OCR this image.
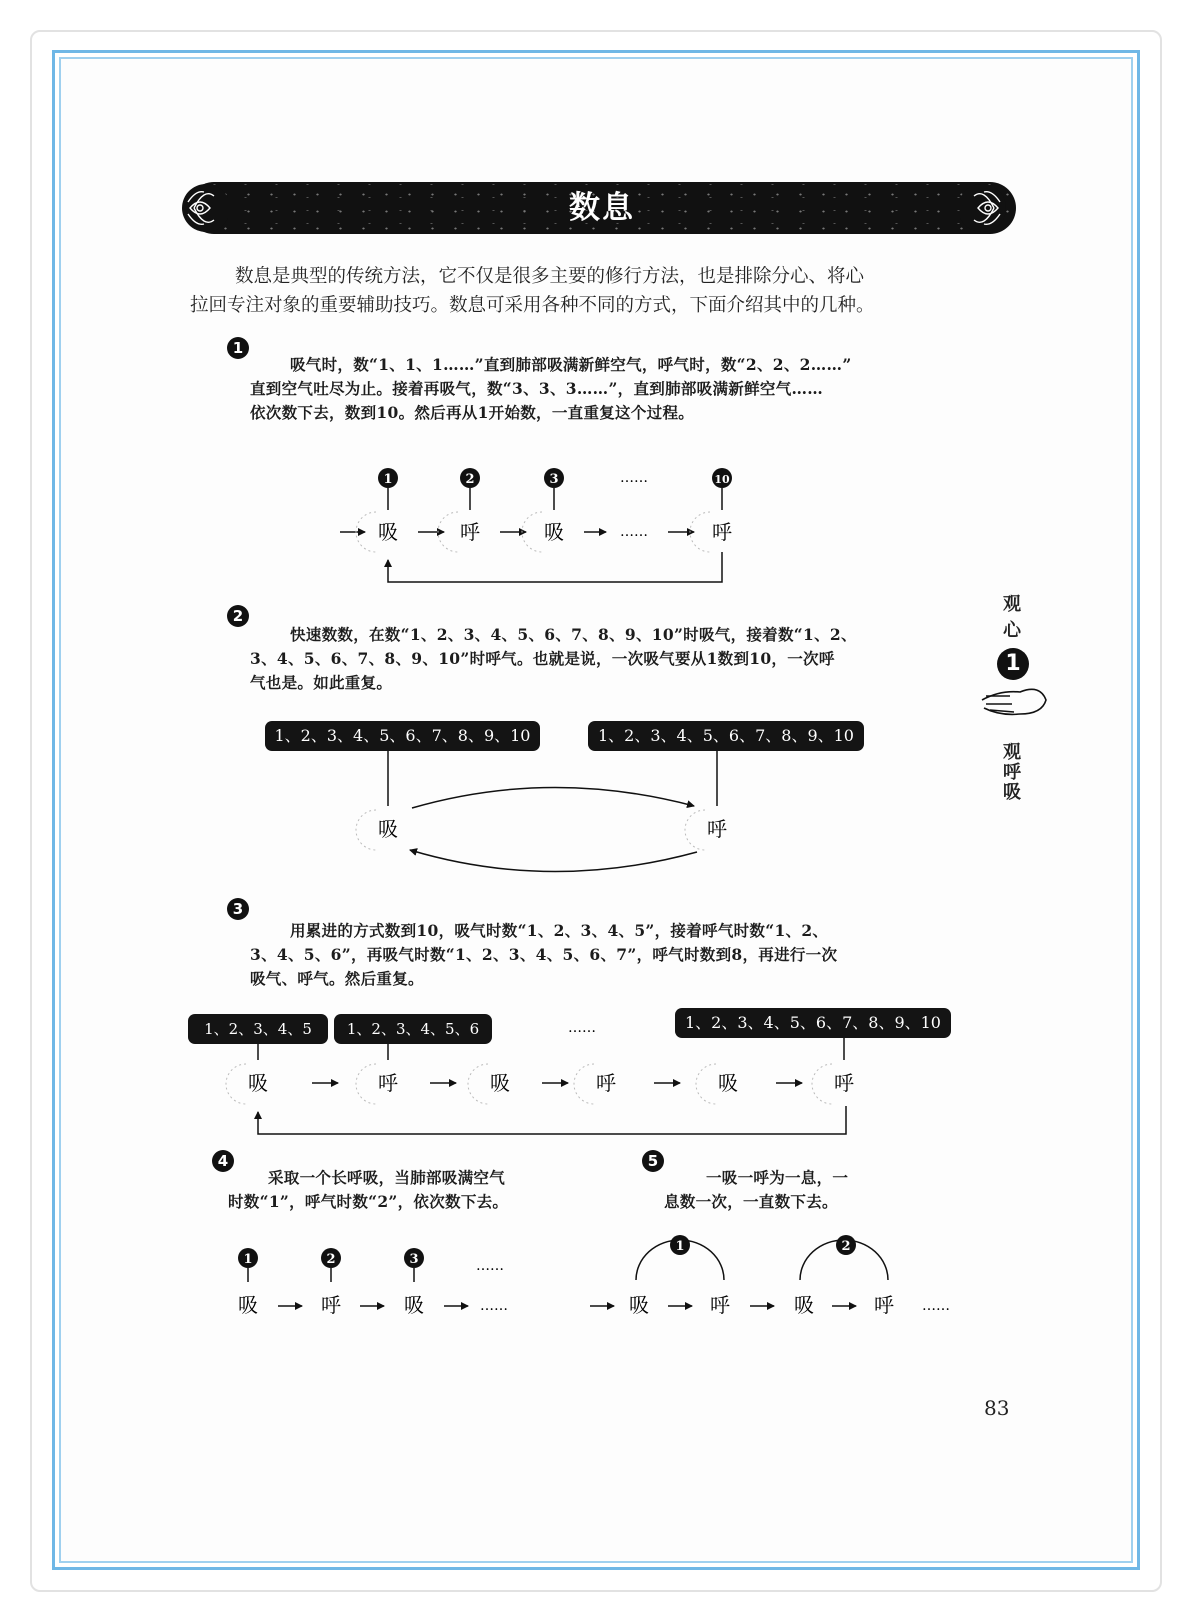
数息
数息是典型的传统方法，它不仅是很多主要的修行方法，也是排除分心、将心
拉回专注对象的重要辅助技巧。数息可采用各种不同的方式，下面介绍其中的几种。
1
吸气时，数“1、1、1……”直到肺部吸满新鲜空气，呼气时，数“2、2、2……”
直到空气吐尽为止。接着再吸气，数“3、3、3……”，直到肺部吸满新鲜空气……
依次数下去，数到10。然后再从1开始数，一直重复这个过程。
1	2	3	……	10
吸	呼	吸	……	呼
吸	呼
……
吸	呼	吸	呼	吸	呼
1	2	3	……
吸	呼	吸	……
1	2
吸	呼	吸	呼 ……
2
快速数数，在数“1、2、3、4、5、6、7、8、9、10”时吸气，接着数“1、2、
3、4、5、6、7、8、9、10”时呼气。也就是说，一次吸气要从1数到10，一次呼
气也是。如此重复。
1、2、3、4、5、6、7、8、9、10	1、2、3、4、5、6、7、8、9、10
3
用累进的方式数到10，吸气时数“1、2、3、4、5”，接着呼气时数“1、2、
3、4、5、6”，再吸气时数“1、2、3、4、5、6、7”，呼气时数到8，再进行一次
吸气、呼气。然后重复。
1、2、3、4、5	1、2、3、4、5、6	1、2、3、4、5、6、7、8、9、10
4
采取一个长呼吸，当肺部吸满空气
时数“1”，呼气时数“2”，依次数下去。
5
一吸一呼为一息，一
息数一次，一直数下去。
观
心
1
观
呼
吸
83
